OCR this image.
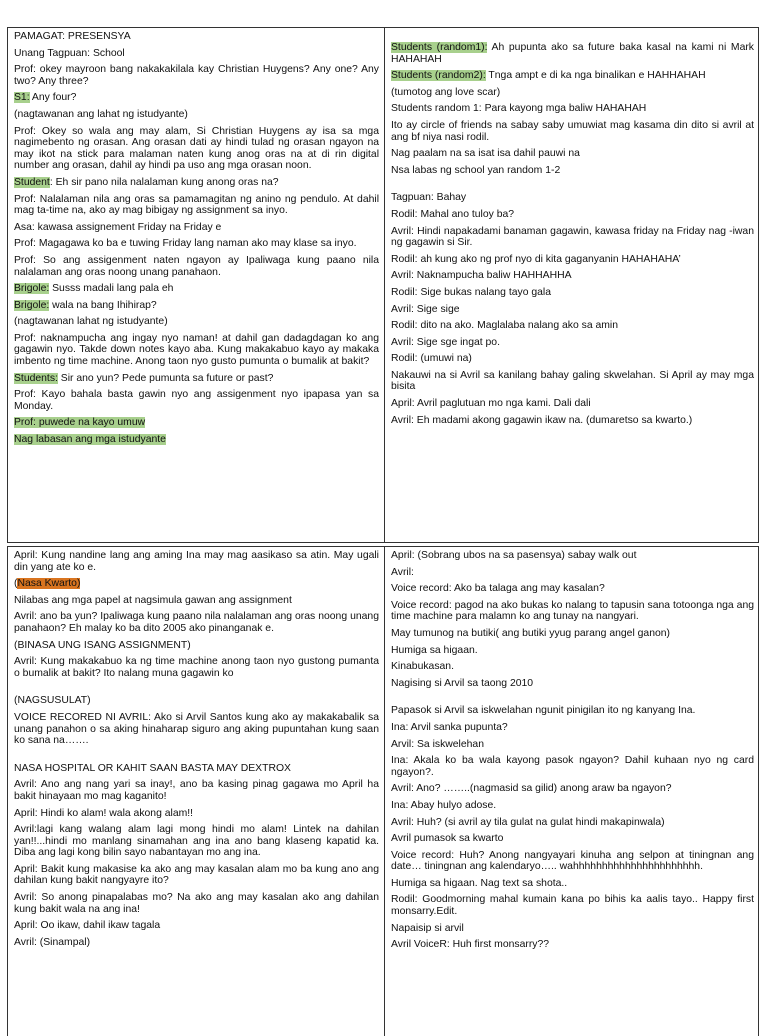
PAMAGAT: PRESENSYA

Unang Tagpuan: School

Prof: okey mayroon bang nakakakilala kay Christian Huygens? Any one? Any two? Any three?

S1: Any four?

(nagtawanan ang lahat ng istudyante)

Prof: Okey so wala ang may alam, Si Christian Huygens ay isa sa mga nagimebento ng orasan. Ang orasan dati ay hindi tulad ng orasan ngayon na may ikot na stick para malaman naten kung anog oras na at di rin digital number ang orasan, dahil ay hindi pa uso ang mga orasan noon.

Student: Eh sir pano nila nalalaman kung anong oras na?

Prof: Nalalaman nila ang oras sa pamamagitan ng anino ng pendulo. At dahil mag ta-time na, ako ay mag bibigay ng assignment sa inyo.

Asa: kawasa assignement Friday na Friday e

Prof: Magagawa ko ba e tuwing Friday lang naman ako may klase sa inyo.

Prof: So ang assigenment naten ngayon ay Ipaliwaga kung paano nila nalalaman ang oras noong unang panahaon.

Brigole: Susss madali lang pala eh

Brigole: wala na bang Ihihirap?

(nagtawanan lahat ng istudyante)

Prof: naknampucha ang ingay nyo naman! at dahil gan dadagdagan ko ang gagawin nyo. Takde down notes kayo aba. Kung makakabuo kayo ay makaka imbento ng time machine. Anong taon nyo gusto pumunta o bumalik at bakit?

Students: Sir ano yun? Pede pumunta sa future or past?

Prof: Kayo bahala basta gawin nyo ang assigenment nyo ipapasa yan sa Monday.

Prof: puwede na kayo umuw

Nag labasan ang mga istudyante

Students (random1): Ah pupunta ako sa future baka kasal na kami ni Mark HAHAHAH

Students (random2): Tnga ampt e di ka nga binalikan e HAHHAHAH

(tumotog ang love scar)

Students random 1: Para kayong mga baliw HAHAHAH

Ito ay circle of friends na sabay saby umuwiat mag kasama din dito si avril at ang bf niya nasi rodil.

Nag paalam na sa isat isa dahil pauwi na

Nsa labas ng school yan random 1-2

Tagpuan: Bahay

Rodil: Mahal ano tuloy ba?

Avril: Hindi napakadami banaman gagawin, kawasa friday na Friday nag -iwan ng gagawin si Sir.

Rodil: ah kung ako ng prof nyo di kita gaganyanin HAHAHAHA’

Avril: Naknampucha baliw HAHHAHHA

Rodil: Sige bukas nalang tayo gala

Avril: Sige sige

Rodil: dito na ako. Maglalaba nalang ako sa amin

Avril: Sige sge ingat po.

Rodil: (umuwi na)

Nakauwi na si Avril sa kanilang bahay galing skwelahan. Si April ay may mga bisita

April: Avril paglutuan mo nga kami. Dali dali

Avril: Eh madami akong gagawin ikaw na. (dumaretso sa kwarto.)

April: Kung nandine lang ang aming Ina may mag aasikaso sa atin. May ugali din yang ate ko e.

(Nasa Kwarto)

Nilabas ang mga papel at nagsimula gawan ang assignment

Avril: ano ba yun? Ipaliwaga kung paano nila nalalaman ang oras noong unang panahaon? Eh malay ko ba dito 2005 ako pinanganak e.

(BINASA UNG ISANG ASSIGNMENT)

Avril: Kung makakabuo ka ng time machine anong taon nyo gustong pumanta o bumalik at bakit? Ito nalang muna gagawin ko

(NAGSUSULAT)

VOICE RECORED NI AVRIL: Ako si Arvil Santos kung ako ay makakabalik sa unang panahon o sa aking hinaharap siguro ang aking pupuntahan kung saan ko sana na…….

NASA HOSPITAL OR KAHIT SAAN BASTA MAY DEXTROX

Avril: Ano ang nang yari sa inay!, ano ba kasing pinag gagawa mo April ha bakit hinayaan mo mag kaganito!

April: Hindi ko alam! wala akong alam!!

Avril:lagi kang walang alam lagi mong hindi mo alam! Lintek na dahilan yan!!...hindi mo manlang sinamahan ang ina ano bang klaseng kapatid ka. Diba ang lagi kong bilin sayo nabantayan mo ang ina.

April: Bakit kung makasise ka ako ang may kasalan alam mo ba kung ano ang dahilan kung bakit nangyayre ito?

Avril: So anong pinapalabas mo? Na ako ang may kasalan ako ang dahilan kung bakit wala na ang ina!

April: Oo ikaw, dahil ikaw tagala

Avril: (Sinampal)

April: (Sobrang ubos na sa pasensya) sabay walk out

Avril:

Voice record: Ako ba talaga ang may kasalan?

Voice record: pagod na ako bukas ko nalang to tapusin sana totoonga nga ang time machine para malamn ko ang tunay na nangyari.

May tumunog na butiki( ang butiki yyug parang angel ganon)

Humiga sa higaan.

Kinabukasan.

Nagising si Arvil sa taong 2010

Papasok si Arvil sa iskwelahan ngunit pinigilan ito ng kanyang Ina.

Ina: Arvil sanka pupunta?

Arvil: Sa iskwelehan

Ina: Akala ko ba wala kayong pasok ngayon? Dahil kuhaan nyo ng card ngayon?.

Avril: Ano? ……..(nagmasid sa gilid) anong araw ba ngayon?

Ina: Abay hulyo adose.

Avril: Huh? (si avril ay tila gulat na gulat hindi makapinwala)

Avril pumasok sa kwarto

Voice record: Huh? Anong nangyayari kinuha ang selpon at tiningnan ang date… tiningnan ang kalendaryo….. wahhhhhhhhhhhhhhhhhhhhhh.

Humiga sa higaan. Nag text sa shota..

Rodil: Goodmorning mahal kumain kana po bihis ka aalis tayo.. Happy first monsarry.Edit.

Napaisip si arvil

Avril VoiceR: Huh first monsarry??
